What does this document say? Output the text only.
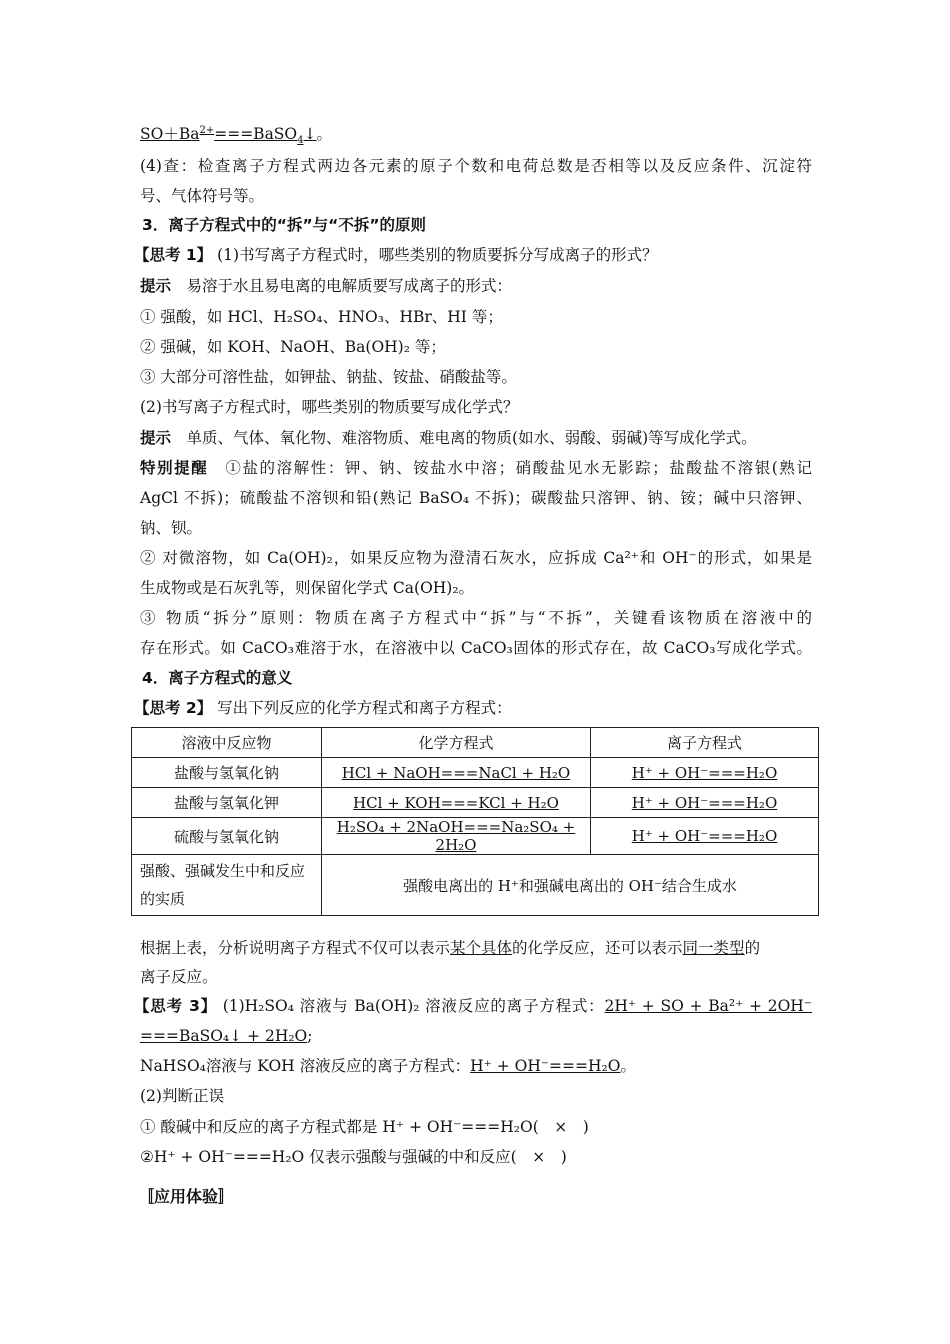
$SO+Ba^{2+}===BaSO_4↓$。
(4)查：检查离子方程式两边各元素的原子个数和电荷总数是否相等以及反应条件、沉淀符
号、气体符号等。
3．离子方程式中的“拆”与“不拆”的原则
【思考 1】 (1)书写离子方程式时，哪些类别的物质要拆分写成离子的形式？
提示　易溶于水且易电离的电解质要写成离子的形式：
① 强酸，如 HCl、H₂SO₄、HNO₃、HBr、HI 等；
② 强碱，如 KOH、NaOH、Ba(OH)₂ 等；
③ 大部分可溶性盐，如钾盐、钠盐、铵盐、硝酸盐等。
(2)书写离子方程式时，哪些类别的物质要写成化学式？
提示　单质、气体、氧化物、难溶物质、难电离的物质(如水、弱酸、弱碱)等写成化学式。
特别提醒　①盐的溶解性：钾、钠、铵盐水中溶；硝酸盐见水无影踪；盐酸盐不溶银(熟记
AgCl 不拆)；硫酸盐不溶钡和铅(熟记 BaSO₄ 不拆)；碳酸盐只溶钾、钠、铵；碱中只溶钾、
钠、钡。
② 对微溶物，如 Ca(OH)₂，如果反应物为澄清石灰水，应拆成 Ca²⁺和 OH⁻的形式，如果是
生成物或是石灰乳等，则保留化学式 Ca(OH)₂。
③ 物质“拆分”原则：物质在离子方程式中“拆”与“不拆”，关键看该物质在溶液中的
存在形式。如 CaCO₃难溶于水，在溶液中以 CaCO₃固体的形式存在，故 CaCO₃写成化学式。
4．离子方程式的意义
【思考 2】 写出下列反应的化学方程式和离子方程式：
溶液中反应物	化学方程式	离子方程式
盐酸与氢氧化钠	HCl + NaOH===NaCl + H₂O	H⁺ + OH⁻===H₂O
盐酸与氢氧化钾	HCl + KOH===KCl + H₂O	H⁺ + OH⁻===H₂O
硫酸与氢氧化钠	H₂SO₄ + 2NaOH===Na₂SO₄ + 2H₂O	H⁺ + OH⁻===H₂O
强酸、强碱发生中和反应的实质	强酸电离出的 H⁺和强碱电离出的 OH⁻结合生成水	
根据上表，分析说明离子方程式不仅可以表示某个具体的化学反应，还可以表示同一类型的
离子反应。
【思考 3】 (1)H₂SO₄ 溶液与 Ba(OH)₂ 溶液反应的离子方程式：2H⁺ + SO + Ba²⁺ + 2OH⁻
===BaSO₄↓ + 2H₂O;
NaHSO₄溶液与 KOH 溶液反应的离子方程式：H⁺ + OH⁻===H₂O。
(2)判断正误
① 酸碱中和反应的离子方程式都是 H⁺ + OH⁻===H₂O(　×　)
②H⁺ + OH⁻===H₂O 仅表示强酸与强碱的中和反应(　×　)
〚应用体验〛
